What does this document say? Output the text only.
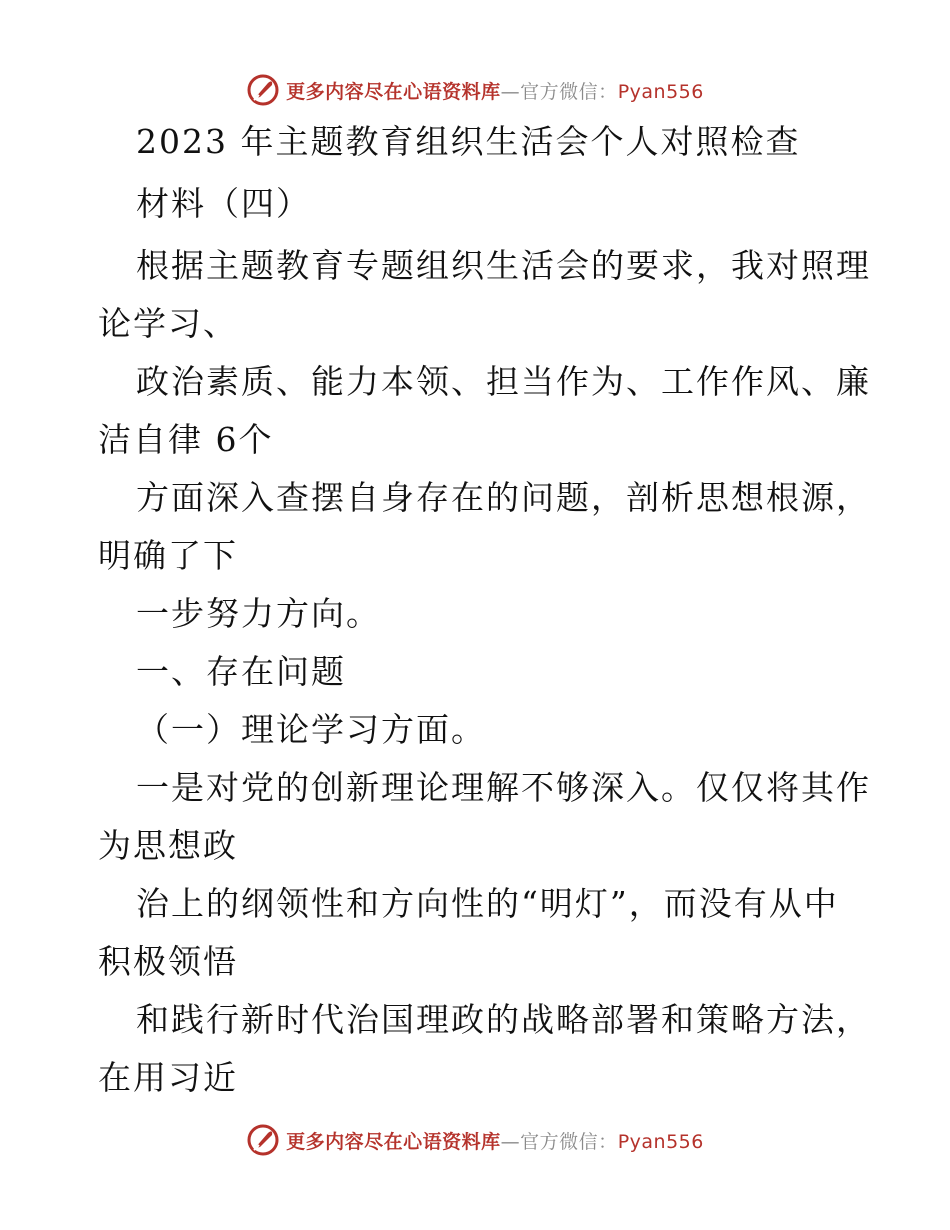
更多内容尽在心语资料库—官方微信：Pyan556
2023 年主题教育组织生活会个人对照检查
材料（四）
根据主题教育专题组织生活会的要求，我对照理
论学习、
政治素质、能力本领、担当作为、工作作风、廉
洁自律 6个
方面深入查摆自身存在的问题，剖析思想根源，
明确了下
一步努力方向。
一、存在问题
（一）理论学习方面。
一是对党的创新理论理解不够深入。仅仅将其作
为思想政
治上的纲领性和方向性的“明灯”，而没有从中
积极领悟
和践行新时代治国理政的战略部署和策略方法，
在用习近
更多内容尽在心语资料库—官方微信：Pyan556
